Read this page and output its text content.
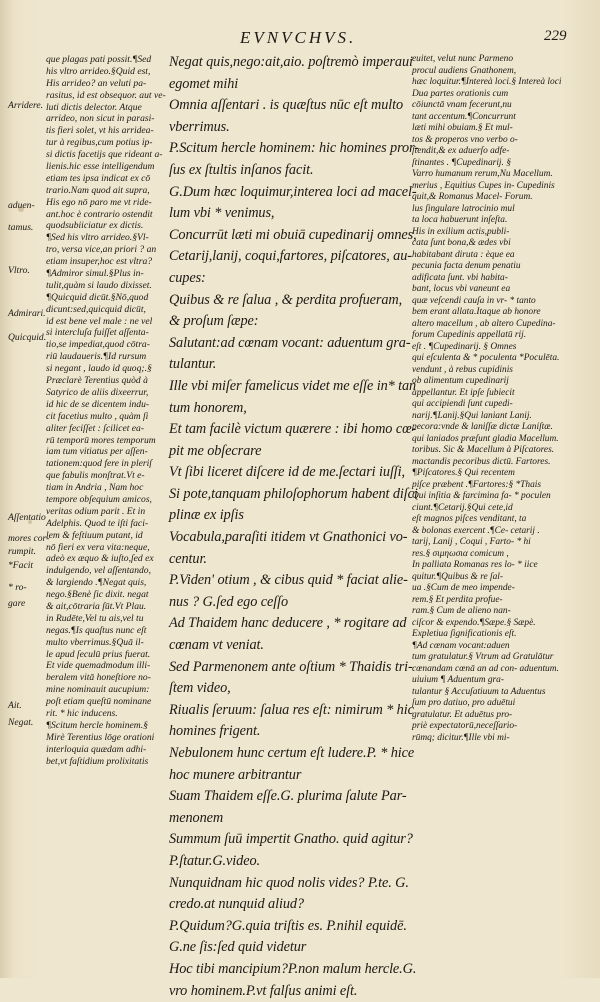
EVNVCHVS.	229
Arridere.
aduen-
tamus.
Vltro.
Admirari.
Quicquid.
Aſſentatio
mores cor-
rumpit.
*Facit
* ro-
gare
Ait.
Negat.
que plagas pati possit.¶Sed
his vltro arrideo.§Quid est,
His arrideo? an veluti pa-
rasitus, id est obsequor. aut ve-
luti dictis delector. Atque
arrideo, non sicut in parasi-
tis fieri solet, vt his arridea-
tur à regibus,cum potius ip-
si dictis facetijs que rideant a-
lienis.hic esse intelligendum
etiam tes ipsa indicat ex cō
trario.Nam quod ait supra,
His ego nō paro me vt ride-
ant.hoc è contrario ostendit
quodsubiiciatur ex dictis.
¶Sed his vltro arrideo.§Vl-
tro, versa vice,an priori ? an
etiam insuper,hoc est vltra?
¶Admiror simul.§Plus in-
tulit,quàm si laudo dixisset.
¶Quicquid dicūt.§Nō,quod
dicunt:sed,quicquid dicūt,
id est bene vel male : ne vel
si intercluſa fuiſſet aſſenta-
tio,se impediat,quod cōtra-
riū laudaueris.¶Id rursum
si negant , laudo id quoq;.§
Præclarè Terentius quòd à
Satyrico de aliis dixeerrur,
id hic de se dicentem indu-
cit facetius multo , quàm ſi
aliter feciſſet : ſcilicet ea-
rū temporū mores temporum
iam tum vitiatus per aſſen-
tationem:quod fere in pleriſ
que fabulis monſtrat.Vt e-
tiam in Andria , Nam hoc
tempore obſequium amicos,
veritas odium parit . Et in
Adelphis. Quod te iſti faci-
lem & feſtiuum putant, id
nō fieri ex vera vita:neque,
adeò ex æquo & iuſto,ſed ex
indulgendo, vel aſſentando,
& largiendo .¶Negat quis,
nego.§Benè ſic dixit. negat
& ait,cōtraria ſūt.Vt Plau.
in Rudēte,Vel tu ais,vel tu
negas.¶Is quaſtus nunc eſt
multo vberrimus.§Quā il-
le apud ſeculū prius fuerat.
Et vide quemadmodum illi-
beralem vitā honeſtiore no-
mine nominauit aucupium:
poſt etiam queſtū nominane
rit. * hic inducens.
¶Scitum hercle hominem.§
Mirè Terentius lōge orationi
interloquia quædam adhi-
bet,vt faſtidium prolixitatis
Negat quis,nego:ait,aio. poſtremò imperaui
egomet mihi
Omnia aſſentari . is quæſtus nūc eſt multo
vberrimus.
P.Scitum hercle hominem: hic homines pror-
ſus ex ſtultis inſanos facit.
G.Dum hæc loquimur,interea loci ad macel-
lum vbi * venimus,
Concurrūt læti mi obuiā cupedinarij omnes,
Cetarij,lanij, coqui,fartores, piſcatores, au-
cupes:
Quibus & re ſalua , & perdita profueram,
& proſum ſæpe:
Salutant:ad cœnam vocant: aduentum gra-
tulantur.
Ille vbi miſer famelicus videt me eſſe in* tan
tum honorem,
Et tam facilè victum quærere : ibi homo cœ-
pit me obſecrare
Vt ſibi liceret diſcere id de me.ſectari iuſſi,
Si pote,tanquam philoſophorum habent diſci
plinæ ex ipſis
Vocabula,paraſiti itidem vt Gnathonici vo-
centur.
P.Viden' otium , & cibus quid * faciat alie-
nus ? G.ſed ego ceſſo
Ad Thaidem hanc deducere , * rogitare ad
cœnam vt veniat.
Sed Parmenonem ante oſtium * Thaidis tri-
ſtem video,
Riualis ſeruum: ſalua res eſt: nimirum * hic
homines frigent.
Nebulonem hunc certum eſt ludere.P. * hice
hoc munere arbitrantur
Suam Thaidem eſſe.G. plurima ſalute Par-
menonem
Summum ſuū impertit Gnatho. quid agitur?
P.ſtatur.G.video.
Nunquidnam hic quod nolis vides? P.te. G.
credo.at nunquid aliud?
P.Quidum?G.quia triſtis es. P.nihil equidē.
G.ne ſis:ſed quid videtur
Hoc tibi mancipium?P.non malum hercle.G.
vro hominem.P.vt falſus animi eſt.
euitet, velut nunc Parmeno
procul audiens Gnathonem,
hæc loquitur.¶Intereà loci.§ Intereà loci
Dua partes orationis cum
cōiunctā vnam fecerunt,nu
tant accentum.¶Concurrunt
læti mihi obuiam.§ Et mul-
tos & properos vno verbo o-
ſtendit,& ex aduerſo adfe-
ſtinantes . ¶Cupedinarij. §
Varro humanum rerum,Nu Macellum.
merius , Equitius Cupes in- Cupedinis
quit,& Romanus Macel- Forum.
lus ſingulare latrocinio mul
ta loca habuerunt inſeſta.
His in exilium actis,publi-
cata ſunt bona,& ædes vbi
habitabant diruta : èque ea
pecunia facta denum penatiu
adificata ſunt. vbi habita-
bant, locus vbi vaneunt ea
quæ veſcendi cauſa in vr- * tanto
bem erant allata.Itaque ab honore
altero macellum , ab altero Cupedina-
forum Cupedinis appellatū rij.
eſt . ¶Cupedinarij. § Omnes
qui eſculenta & * poculenta *Poculēta.
vendunt , à rebus cupidinis
ob alimentum cupedinarij
appellantur. Et ipſe ſubiecit
qui accipiendi ſunt cupedi-
narij.¶Lanij.§Qui laniant Lanij.
pecora:vnde & laniſſæ dictæ Laniſtæ.
qui laniados præſunt gladia Macellum.
toribus. Sic & Macellum à Piſcatores.
mactandis pecoribus dictū. Fartores.
¶Piſcatores.§ Qui recentem
piſce præbent .¶Fartores:§ *Thais
Qui inſitia & farcimina fa- * poculen
ciunt.¶Cetarij.§Qui cete,id
eſt magnos piſces venditant, ta
& bolonas exercent .¶Ce- cetarij .
tarij, Lanij , Coqui , Farto- * hi
res.§ σιμηωσια comicum ,
In palliata Romanas res lo- * iice
quitur.¶Quibus & re ſal-
ua .§Cum de meo impende-
rem.§ Et perdita profue-
ram.§ Cum de alieno nan-
ciſcor & expendo.¶Sæpe.§ Sæpè.
Expletiua ſignificationis eſt.
¶Ad cœnam vocant:aduen
tum gratulatur.§ Vtrum ad Gratulātur
cœnandam cœnā an ad con- aduentum.
uiuium ¶ Aduentum gra-
tulantur § Accuſatiuum ta Aduentus
ſum pro datiuo, pro aduētui
gratulatur. Et aduētus pro-
priè expectatorū,neceſſario-
rūmq; dicitur.¶Ille vbi mi-
